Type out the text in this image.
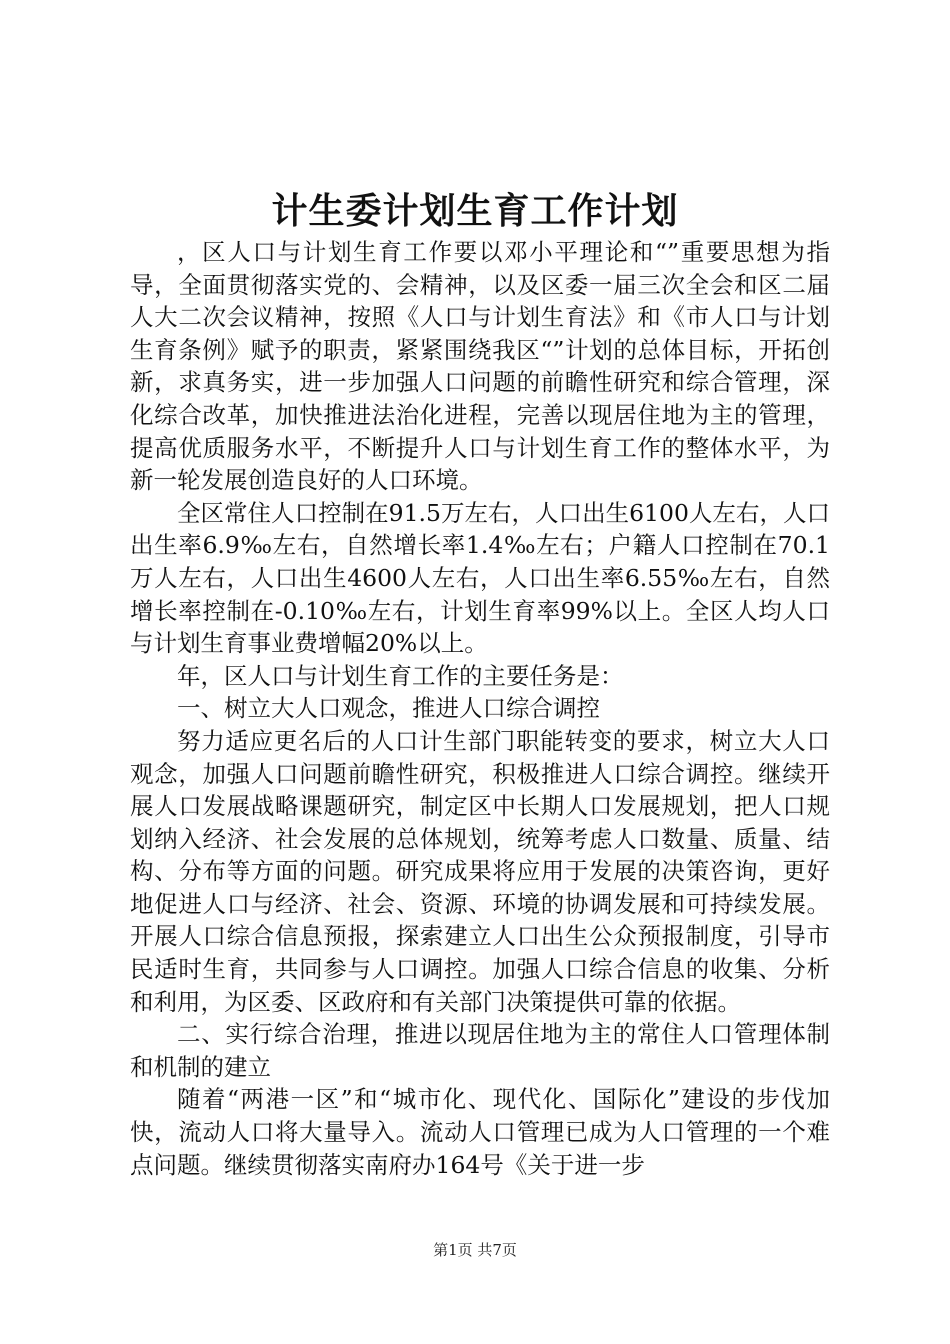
计生委计划生育工作计划

，区人口与计划生育工作要以邓小平理论和“”重要思想为指导，全面贯彻落实党的、会精神，以及区委一届三次全会和区二届人大二次会议精神，按照《人口与计划生育法》和《市人口与计划生育条例》赋予的职责，紧紧围绕我区“”计划的总体目标，开拓创新，求真务实，进一步加强人口问题的前瞻性研究和综合管理，深化综合改革，加快推进法治化进程，完善以现居住地为主的管理，提高优质服务水平，不断提升人口与计划生育工作的整体水平，为新一轮发展创造良好的人口环境。

全区常住人口控制在91.5万左右，人口出生6100人左右，人口出生率6.9‰左右，自然增长率1.4‰左右；户籍人口控制在70.1万人左右，人口出生4600人左右，人口出生率6.55‰左右，自然增长率控制在-0.10‰左右，计划生育率99%以上。全区人均人口与计划生育事业费增幅20%以上。

年，区人口与计划生育工作的主要任务是：

一、树立大人口观念，推进人口综合调控

努力适应更名后的人口计生部门职能转变的要求，树立大人口观念，加强人口问题前瞻性研究，积极推进人口综合调控。继续开展人口发展战略课题研究，制定区中长期人口发展规划，把人口规划纳入经济、社会发展的总体规划，统筹考虑人口数量、质量、结构、分布等方面的问题。研究成果将应用于发展的决策咨询，更好地促进人口与经济、社会、资源、环境的协调发展和可持续发展。开展人口综合信息预报，探索建立人口出生公众预报制度，引导市民适时生育，共同参与人口调控。加强人口综合信息的收集、分析和利用，为区委、区政府和有关部门决策提供可靠的依据。

二、实行综合治理，推进以现居住地为主的常住人口管理体制和机制的建立

随着“两港一区”和“城市化、现代化、国际化”建设的步伐加快，流动人口将大量导入。流动人口管理已成为人口管理的一个难点问题。继续贯彻落实南府办164号《关于进一步

第1页 共7页
